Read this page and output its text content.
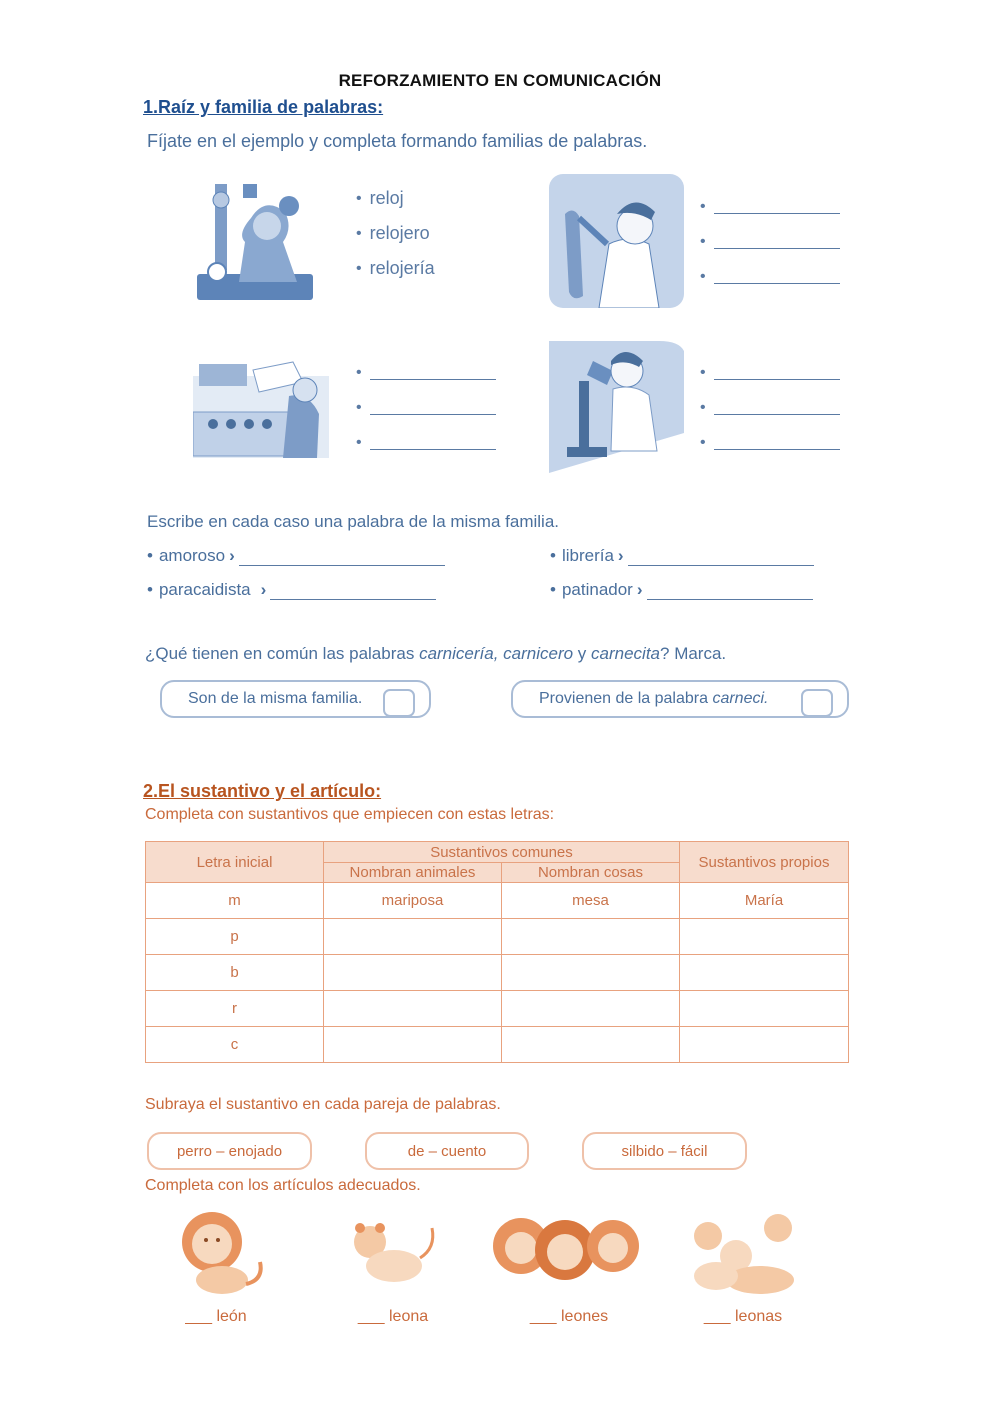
REFORZAMIENTO EN COMUNICACIÓN
1.Raíz y familia de palabras:
Fíjate en el ejemplo y completa formando familias de palabras.
• reloj
• relojero
• relojería
•
•
•
•
•
•
•
•
•
Escribe en cada caso una palabra de la misma familia.
• amoroso ›	• librería ›
• paracaidista ›	• patinador ›
¿Qué tienen en común las palabras carnicería, carnicero y carnecita? Marca.
Son de la misma familia.	Provienen de la palabra carneci.
2.El sustantivo y el artículo:
Completa con sustantivos que empiecen con estas letras:
Letra inicial	Sustantivos comunes		Sustantivos propios
	Nombran animales	Nombran cosas	
m	mariposa	mesa	María
p			
b			
r			
c			
Subraya el sustantivo en cada pareja de palabras.
perro – enojado	de – cuento	silbido – fácil
Completa con los artículos adecuados.
___ león	___ leona	___ leones	___ leonas
